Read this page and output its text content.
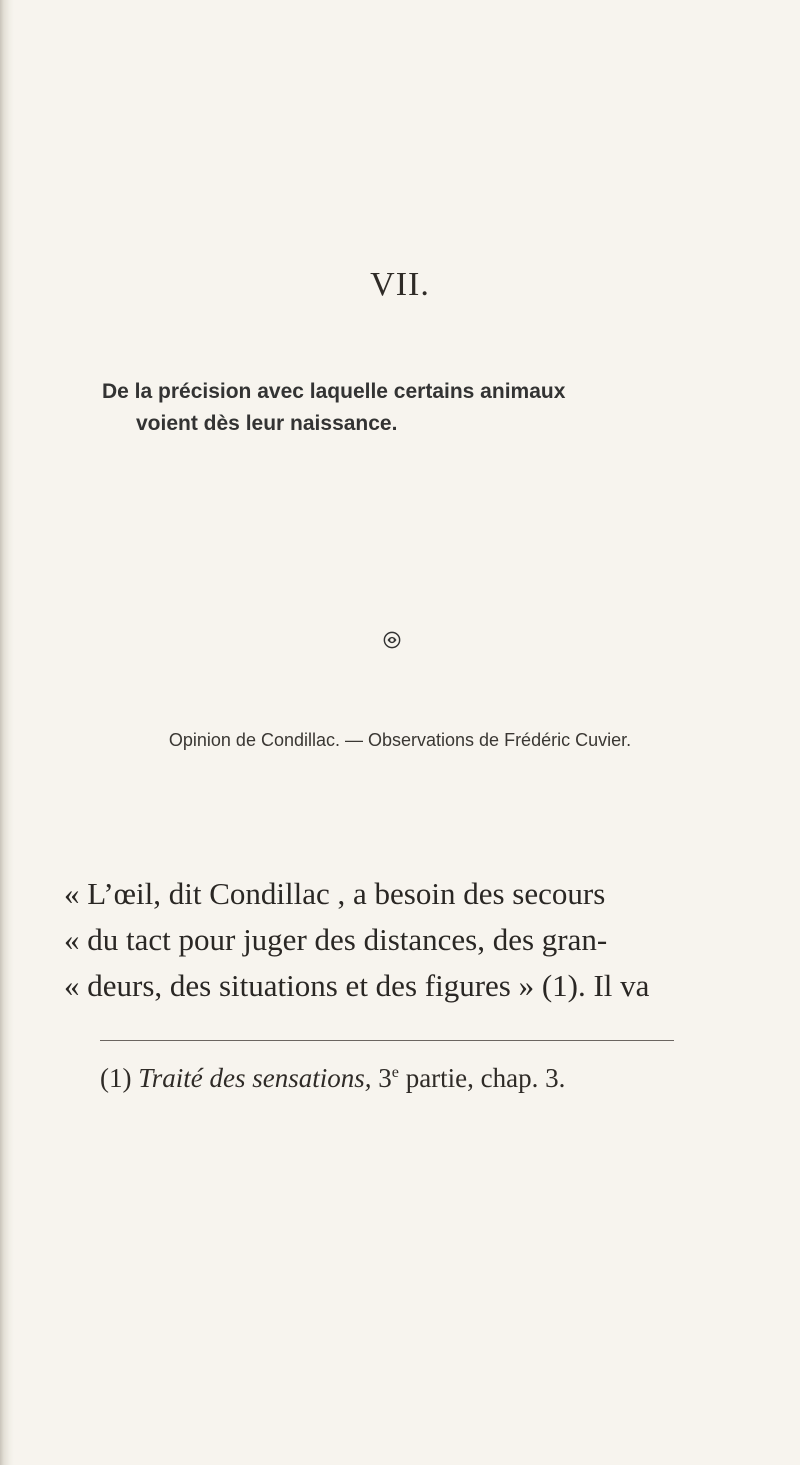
VII.
De la précision avec laquelle certains animaux
voient dès leur naissance.
Opinion de Condillac. — Observations de Frédéric Cuvier.
« L’œil, dit Condillac , a besoin des secours
« du tact pour juger des distances, des gran-
« deurs, des situations et des figures » (1). Il va
(1) Traité des sensations, 3e partie, chap. 3.
